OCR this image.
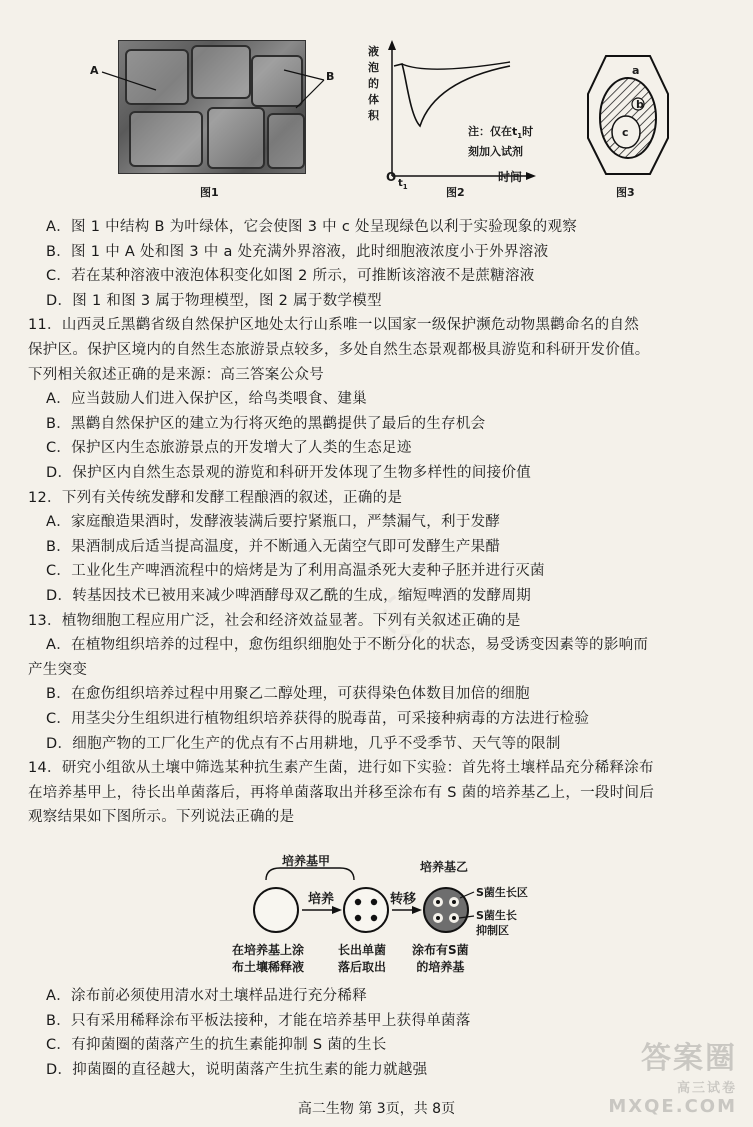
A	B
图1
液
泡
的
体
积
O $t_1$
时间
注：仅在$t_1$时
刻加入试剂
图2
a
b
c
图3
A．图 1 中结构 B 为叶绿体，它会使图 3 中 c 处呈现绿色以利于实验现象的观察
B．图 1 中 A 处和图 3 中 a 处充满外界溶液，此时细胞液浓度小于外界溶液
C．若在某种溶液中液泡体积变化如图 2 所示，可推断该溶液不是蔗糖溶液
D．图 1 和图 3 属于物理模型，图 2 属于数学模型
11．山西灵丘黑鹳省级自然保护区地处太行山系唯一以国家一级保护濒危动物黑鹳命名的自然
保护区。保护区境内的自然生态旅游景点较多，多处自然生态景观都极具游览和科研开发价值。
下列相关叙述正确的是来源：高三答案公众号
A．应当鼓励人们进入保护区，给鸟类喂食、建巢
B．黑鹳自然保护区的建立为行将灭绝的黑鹳提供了最后的生存机会
C．保护区内生态旅游景点的开发增大了人类的生态足迹
D．保护区内自然生态景观的游览和科研开发体现了生物多样性的间接价值
12．下列有关传统发酵和发酵工程酿酒的叙述，正确的是
A．家庭酿造果酒时，发酵液装满后要拧紧瓶口，严禁漏气，利于发酵
B．果酒制成后适当提高温度，并不断通入无菌空气即可发酵生产果醋
C．工业化生产啤酒流程中的焙烤是为了利用高温杀死大麦种子胚并进行灭菌
D．转基因技术已被用来减少啤酒酵母双乙酰的生成，缩短啤酒的发酵周期
13．植物细胞工程应用广泛，社会和经济效益显著。下列有关叙述正确的是
A．在植物组织培养的过程中，愈伤组织细胞处于不断分化的状态，易受诱变因素等的影响而
产生突变
B．在愈伤组织培养过程中用聚乙二醇处理，可获得染色体数目加倍的细胞
C．用茎尖分生组织进行植物组织培养获得的脱毒苗，可采接种病毒的方法进行检验
D．细胞产物的工厂化生产的优点有不占用耕地，几乎不受季节、天气等的限制
14．研究小组欲从土壤中筛选某种抗生素产生菌，进行如下实验：首先将土壤样品充分稀释涂布
在培养基甲上，待长出单菌落后，再将单菌落取出并移至涂布有 S 菌的培养基乙上，一段时间后
观察结果如下图所示。下列说法正确的是
A．涂布前必须使用清水对土壤样品进行充分稀释
B．只有采用稀释涂布平板法接种，才能在培养基甲上获得单菌落
C．有抑菌圈的菌落产生的抗生素能抑制 S 菌的生长
D．抑菌圈的直径越大，说明菌落产生抗生素的能力就越强
培养基甲	培养基乙
培养	转移	S菌生长区
S菌生长
抑制区
在培养基上涂
布土壤稀释液
长出单菌
落后取出
涂布有S菌
的培养基
◌
高二生物 第 3页，共 8页
答案圈
高三试卷
MXQE.COM
